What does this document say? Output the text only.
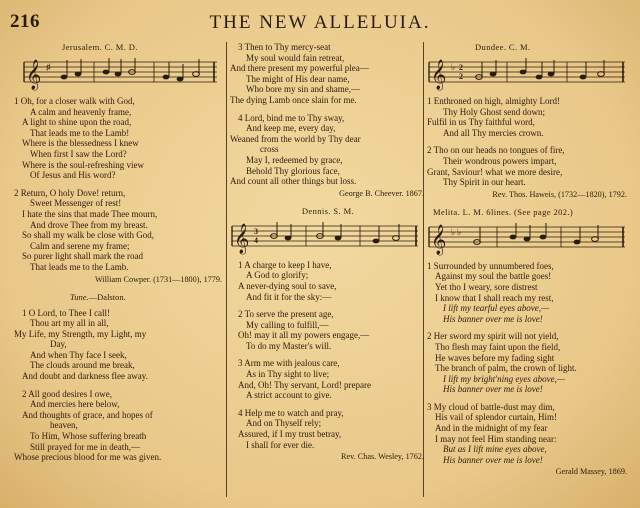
216	THE NEW ALLELUIA.
Jerusalem. C. M. D.
𝄞 ♯
1 Oh, for a closer walk with God,
A calm and heavenly frame,
A light to shine upon the road,
That leads me to the Lamb!
Where is the blessedness I knew
When first I saw the Lord?
Where is the soul-refreshing view
Of Jesus and His word?
2 Return, O holy Dove! return,
Sweet Messenger of rest!
I hate the sins that made Thee mourn,
And drove Thee from my breast.
So shall my walk be close with God,
Calm and serene my frame;
So purer light shall mark the road
That leads me to the Lamb.
William Cowper. (1731—1800), 1779.
Tune.—Dalston.
1 O Lord, to Thee I call!
Thou art my all in all,
My Life, my Strength, my Light, my
Day,
And when Thy face I seek,
The clouds around me break,
And doubt and darkness flee away.
2 All good desires I owe,
And mercies here below,
And thoughts of grace, and hopes of
heaven,
To Him, Whose suffering breath
Still prayed for me in death,—
Whose precious blood for me was given.
3 Then to Thy mercy-seat
My soul would fain retreat,
And there present my powerful plea—
The might of His dear name,
Who bore my sin and shame,—
The dying Lamb once slain for me.
4 Lord, bind me to Thy sway,
And keep me, every day,
Weaned from the world by Thy dear
cross
May I, redeemed by grace,
Behold Thy glorious face,
And count all other things but loss.
George B. Cheever. 1867.
Dennis. S. M.
𝄞 3
4
1 A charge to keep I have,
A God to glorify;
A never-dying soul to save,
And fit it for the sky:—
2 To serve the present age,
My calling to fulfill,—
Oh! may it all my powers engage,—
To do my Master's will.
3 Arm me with jealous care,
As in Thy sight to live;
And, Oh! Thy servant, Lord! prepare
A strict account to give.
4 Help me to watch and pray,
And on Thyself rely;
Assured, if I my trust betray,
I shall for ever die.
Rev. Chas. Wesley, 1762.
Dundee. C. M.
𝄞 ♭ 2
2
1 Enthroned on high, almighty Lord!
Thy Holy Ghost send down;
Fulfil in us Thy faithful word,
And all Thy mercies crown.
2 Tho on our heads no tongues of fire,
Their wondrous powers impart,
Grant, Saviour! what we more desire,
Thy Spirit in our heart.
Rev. Thos. Haweis, (1732—1820), 1792.
Melita. L. M. 6lines. (See page 202.)
𝄞 ♭ ♭
1 Surrounded by unnumbered foes,
Against my soul the battle goes!
Yet tho I weary, sore distrest
I know that I shall reach my rest,
I lift my tearful eyes above,—
His banner over me is love!
2 Her sword my spirit will not yield,
Tho flesh may faint upon the field,
He waves before my fading sight
The branch of palm, the crown of light.
I lift my bright'ning eyes above,—
His banner over me is love!
3 My cloud of battle-dust may dim,
His vail of splendor curtain, Him!
And in the midnight of my fear
I may not feel Him standing near:
But as I lift mine eyes above,
His banner over me is love!
Gerald Massey, 1869.
